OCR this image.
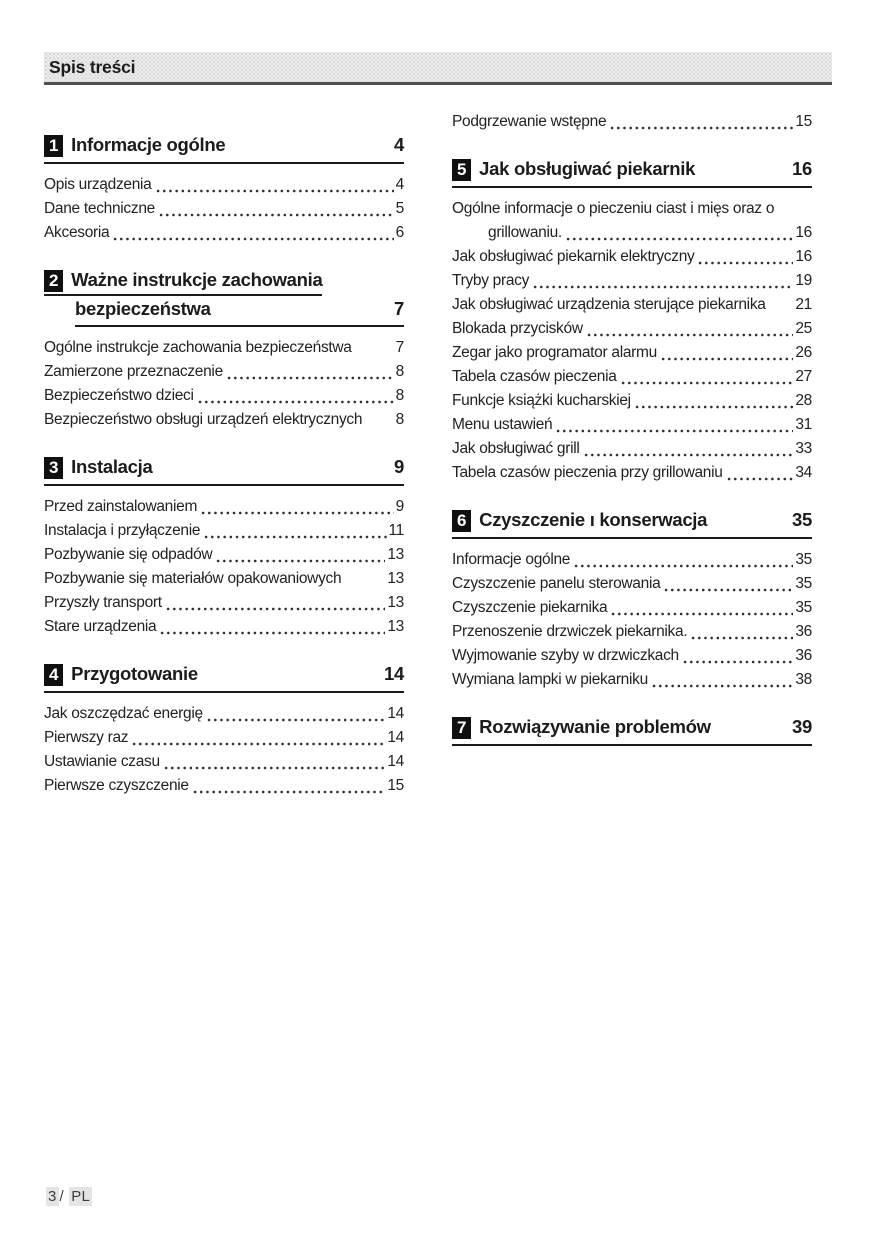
Spis treści
1 Informacje ogólne	4
Opis urządzenia	4
Dane techniczne	5
Akcesoria	6
2 Ważne instrukcje zachowania
bezpieczeństwa	7
Ogólne instrukcje zachowania bezpieczeństwa	7
Zamierzone przeznaczenie	8
Bezpieczeństwo dzieci	8
Bezpieczeństwo obsługi urządzeń elektrycznych 8
3 Instalacja	9
Przed zainstalowaniem	9
Instalacja i przyłączenie	11
Pozbywanie się odpadów	13
Pozbywanie się materiałów opakowaniowych	13
Przyszły transport	13
Stare urządzenia	13
4 Przygotowanie	14
Jak oszczędzać energię	14
Pierwszy raz	14
Ustawianie czasu	14
Pierwsze czyszczenie	15
Podgrzewanie wstępne	15
5 Jak obsługiwać piekarnik	16
Ogólne informacje o pieczeniu ciast i mięs oraz o
grillowaniu.	16
Jak obsługiwać piekarnik elektryczny	16
Tryby pracy	19
Jak obsługiwać urządzenia sterujące piekarnika 21
Blokada przycisków	25
Zegar jako programator alarmu	26
Tabela czasów pieczenia	27
Funkcje książki kucharskiej	28
Menu ustawień	31
Jak obsługiwać grill	33
Tabela czasów pieczenia przy grillowaniu	34
6 Czyszczenie ı konserwacja	35
Informacje ogólne	35
Czyszczenie panelu sterowania	35
Czyszczenie piekarnika	35
Przenoszenie drzwiczek piekarnika.	36
Wyjmowanie szyby w drzwiczkach	36
Wymiana lampki w piekarniku	38
7 Rozwiązywanie problemów	39
3 / PL
